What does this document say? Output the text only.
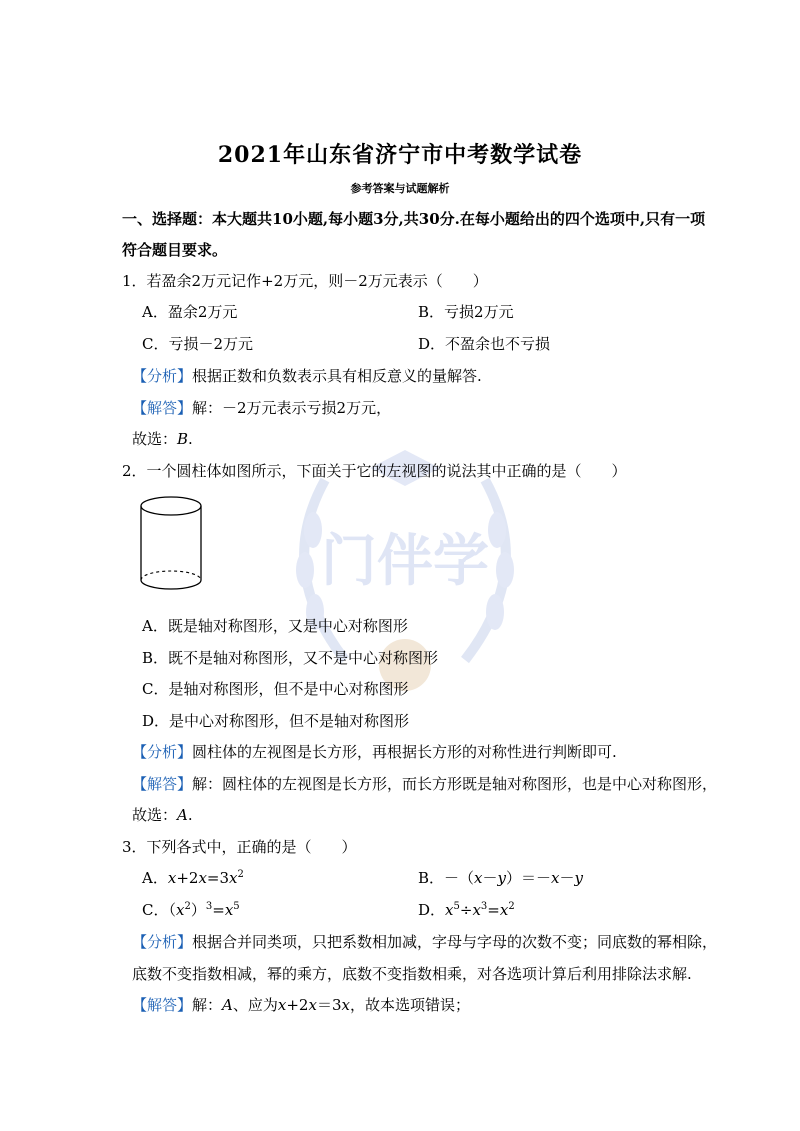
门伴学
2021年山东省济宁市中考数学试卷
参考答案与试题解析
一、选择题：本大题共10小题,每小题3分,共30分.在每小题给出的四个选项中,只有一项
符合题目要求。
1．若盈余2万元记作+2万元，则－2万元表示（　　）
A．盈余2万元	B．亏损2万元
C．亏损－2万元	D．不盈余也不亏损
【分析】根据正数和负数表示具有相反意义的量解答.
【解答】解：－2万元表示亏损2万元，
故选：B.
2．一个圆柱体如图所示，下面关于它的左视图的说法其中正确的是（　　）
A．既是轴对称图形，又是中心对称图形
B．既不是轴对称图形，又不是中心对称图形
C．是轴对称图形，但不是中心对称图形
D．是中心对称图形，但不是轴对称图形
【分析】圆柱体的左视图是长方形，再根据长方形的对称性进行判断即可.
【解答】解：圆柱体的左视图是长方形，而长方形既是轴对称图形，也是中心对称图形，
故选：A.
3．下列各式中，正确的是（　　）
A．$x+2x=3x^2$	B．－（x－y）＝－x－y
C．$(x^2)^3=x^5$	D．$x^5\div x^3=x^2$
【分析】根据合并同类项，只把系数相加减，字母与字母的次数不变；同底数的幂相除，
底数不变指数相减，幂的乘方，底数不变指数相乘，对各选项计算后利用排除法求解.
【解答】解：A、应为x+2x＝3x，故本选项错误；
